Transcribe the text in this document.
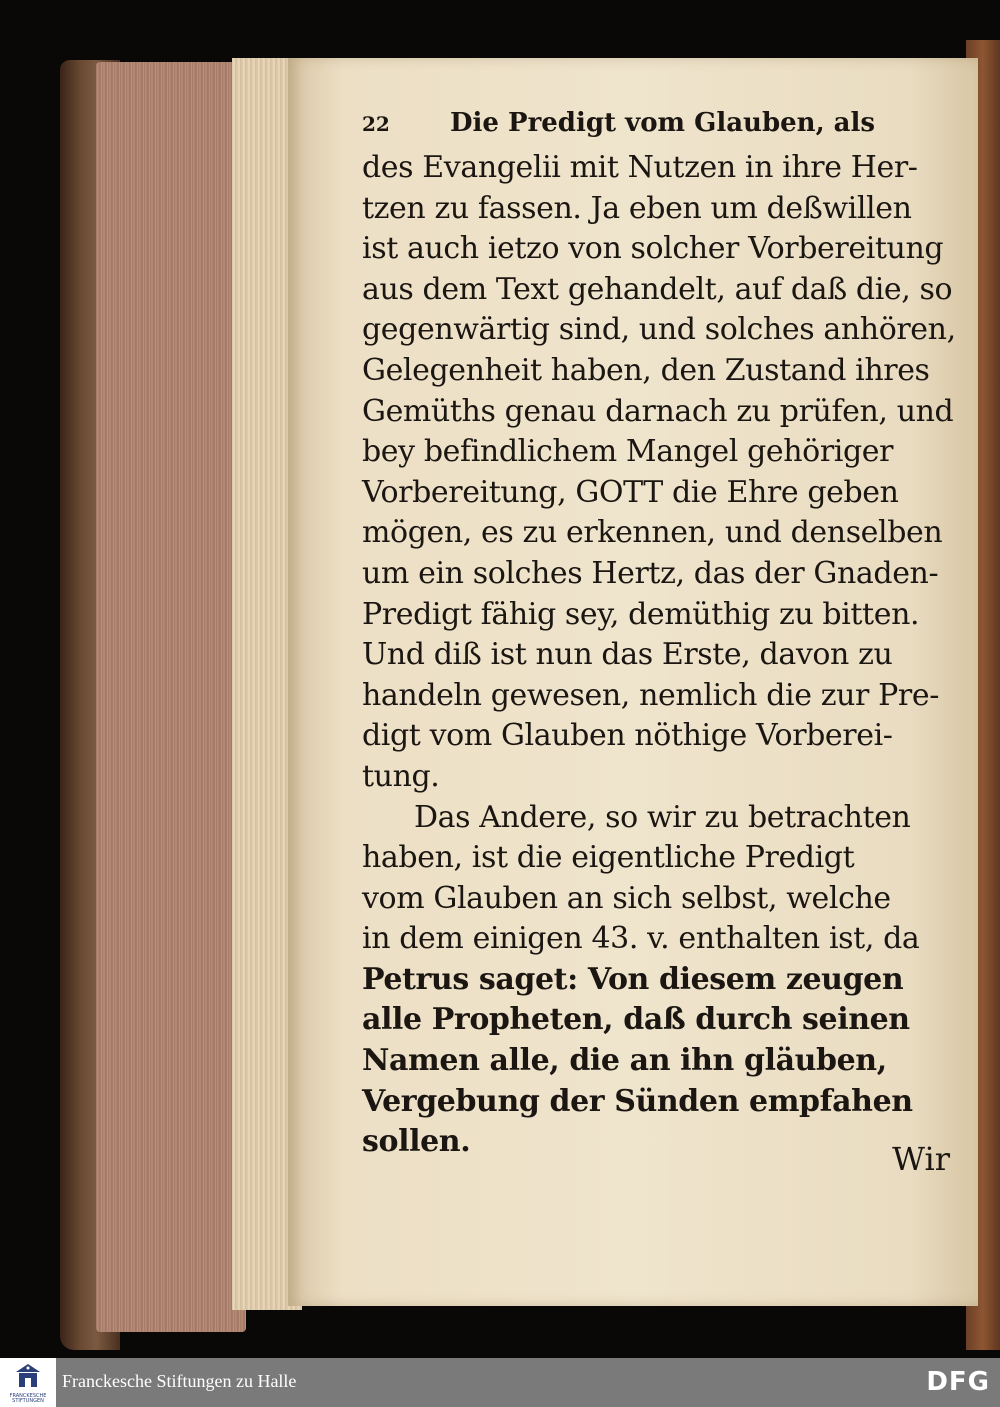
22	Die Predigt vom Glauben, als
des Evangelii mit Nutzen in ihre Her-
tzen zu fassen. Ja eben um deßwillen
ist auch ietzo von solcher Vorbereitung
aus dem Text gehandelt, auf daß die, so
gegenwärtig sind, und solches anhören,
Gelegenheit haben, den Zustand ihres
Gemüths genau darnach zu prüfen, und
bey befindlichem Mangel gehöriger
Vorbereitung, GOTT die Ehre geben
mögen, es zu erkennen, und denselben
um ein solches Hertz, das der Gnaden-
Predigt fähig sey, demüthig zu bitten.
Und diß ist nun das Erste, davon zu
handeln gewesen, nemlich die zur Pre-
digt vom Glauben nöthige Vorberei-
tung.
Das Andere, so wir zu betrachten
haben, ist die eigentliche Predigt
vom Glauben an sich selbst, welche
in dem einigen 43. v. enthalten ist, da
Petrus saget: Von diesem zeugen
alle Propheten, daß durch seinen
Namen alle, die an ihn gläuben,
Vergebung der Sünden empfahen
sollen.	Wir
FRANCKESCHE STIFTUNGEN
Franckesche Stiftungen zu Halle	DFG
